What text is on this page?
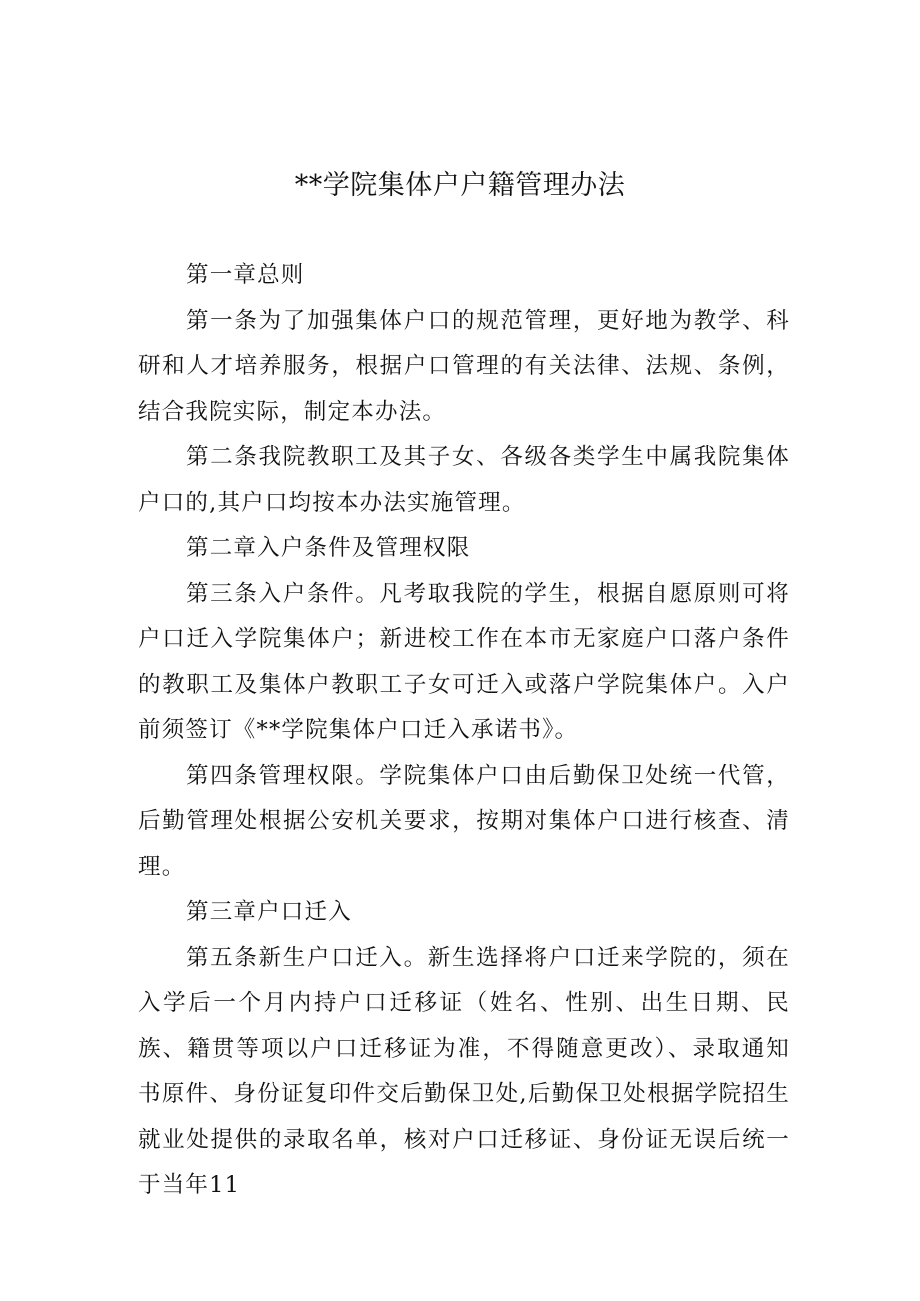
**学院集体户户籍管理办法

第一章总则

第一条为了加强集体户口的规范管理，更好地为教学、科研和人才培养服务，根据户口管理的有关法律、法规、条例，结合我院实际，制定本办法。

第二条我院教职工及其子女、各级各类学生中属我院集体户口的,其户口均按本办法实施管理。

第二章入户条件及管理权限

第三条入户条件。凡考取我院的学生，根据自愿原则可将户口迁入学院集体户；新进校工作在本市无家庭户口落户条件的教职工及集体户教职工子女可迁入或落户学院集体户。入户前须签订《**学院集体户口迁入承诺书》。

第四条管理权限。学院集体户口由后勤保卫处统一代管，后勤管理处根据公安机关要求，按期对集体户口进行核查、清理。

第三章户口迁入

第五条新生户口迁入。新生选择将户口迁来学院的，须在入学后一个月内持户口迁移证（姓名、性别、出生日期、民族、籍贯等项以户口迁移证为准，不得随意更改）、录取通知书原件、身份证复印件交后勤保卫处,后勤保卫处根据学院招生就业处提供的录取名单，核对户口迁移证、身份证无误后统一于当年11
